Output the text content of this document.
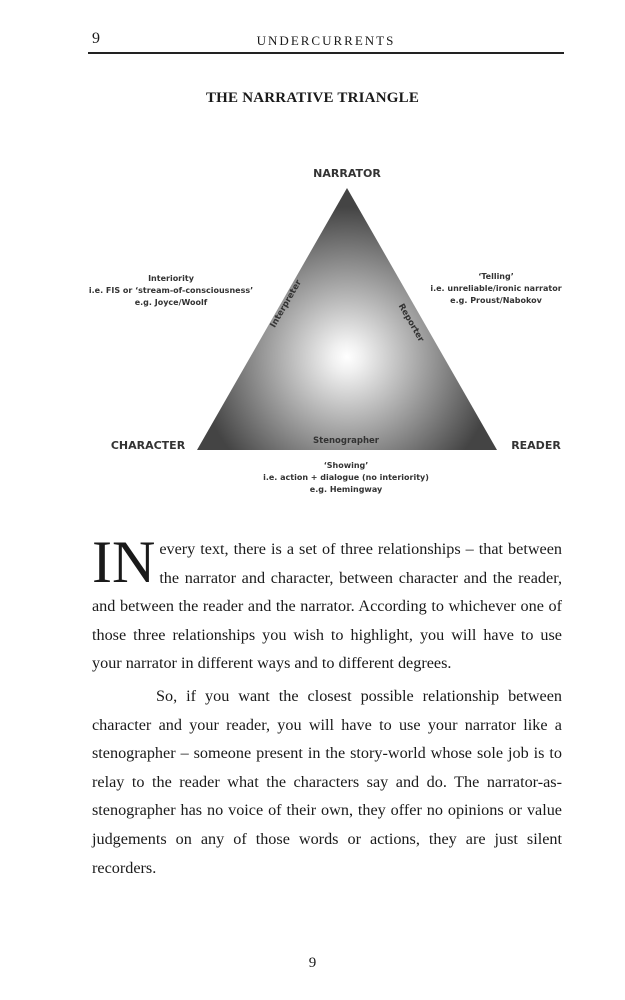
9	UNDERCURRENTS
THE NARRATIVE TRIANGLE
NARRATOR
CHARACTER	READER
Interpreter	Reporter
Stenographer
Interiority
i.e. FIS or ‘stream-of-consciousness’
e.g. Joyce/Woolf
‘Telling’
i.e. unreliable/ironic narrator
e.g. Proust/Nabokov
‘Showing’
i.e. action + dialogue (no interiority)
e.g. Hemingway

IN every text, there is a set of three relationships – that between the narrator and character, between character and the reader, and between the reader and the narrator. According to whichever one of those three relationships you wish to highlight, you will have to use your narrator in different ways and to different degrees.

So, if you want the closest possible relationship between character and your reader, you will have to use your narrator like a stenographer – someone present in the story-world whose sole job is to relay to the reader what the characters say and do. The narrator-as-stenographer has no voice of their own, they offer no opinions or value judgements on any of those words or actions, they are just silent recorders.

9
